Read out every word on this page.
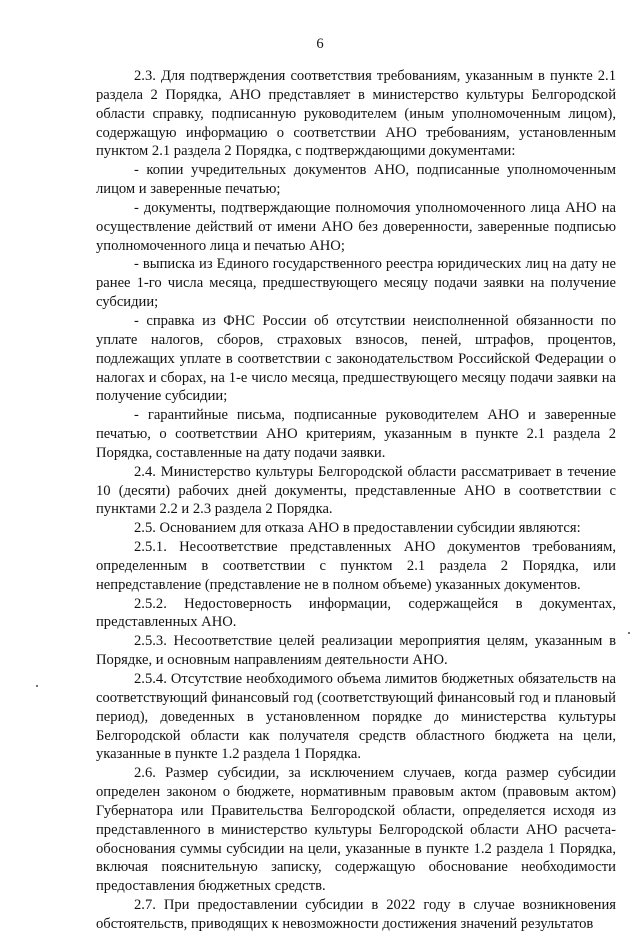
6

2.3. Для подтверждения соответствия требованиям, указанным в пункте 2.1 раздела 2 Порядка, АНО представляет в министерство культуры Белгородской области справку, подписанную руководителем (иным уполномоченным лицом), содержащую информацию о соответствии АНО требованиям, установленным пунктом 2.1 раздела 2 Порядка, с подтверждающими документами:

- копии учредительных документов АНО, подписанные уполномоченным лицом и заверенные печатью;

- документы, подтверждающие полномочия уполномоченного лица АНО на осуществление действий от имени АНО без доверенности, заверенные подписью уполномоченного лица и печатью АНО;

- выписка из Единого государственного реестра юридических лиц на дату не ранее 1-го числа месяца, предшествующего месяцу подачи заявки на получение субсидии;

- справка из ФНС России об отсутствии неисполненной обязанности по уплате налогов, сборов, страховых взносов, пеней, штрафов, процентов, подлежащих уплате в соответствии с законодательством Российской Федерации о налогах и сборах, на 1-е число месяца, предшествующего месяцу подачи заявки на получение субсидии;

- гарантийные письма, подписанные руководителем АНО и заверенные печатью, о соответствии АНО критериям, указанным в пункте 2.1 раздела 2 Порядка, составленные на дату подачи заявки.

2.4. Министерство культуры Белгородской области рассматривает в течение 10 (десяти) рабочих дней документы, представленные АНО в соответствии с пунктами 2.2 и 2.3 раздела 2 Порядка.

2.5. Основанием для отказа АНО в предоставлении субсидии являются:

2.5.1. Несоответствие представленных АНО документов требованиям, определенным в соответствии с пунктом 2.1 раздела 2 Порядка, или непредставление (представление не в полном объеме) указанных документов.

2.5.2. Недостоверность информации, содержащейся в документах, представленных АНО.

2.5.3. Несоответствие целей реализации мероприятия целям, указанным в Порядке, и основным направлениям деятельности АНО.

2.5.4. Отсутствие необходимого объема лимитов бюджетных обязательств на соответствующий финансовый год (соответствующий финансовый год и плановый период), доведенных в установленном порядке до министерства культуры Белгородской области как получателя средств областного бюджета на цели, указанные в пункте 1.2 раздела 1 Порядка.

2.6. Размер субсидии, за исключением случаев, когда размер субсидии определен законом о бюджете, нормативным правовым актом (правовым актом) Губернатора или Правительства Белгородской области, определяется исходя из представленного в министерство культуры Белгородской области АНО расчета-обоснования суммы субсидии на цели, указанные в пункте 1.2 раздела 1 Порядка, включая пояснительную записку, содержащую обоснование необходимости предоставления бюджетных средств.

2.7. При предоставлении субсидии в 2022 году в случае возникновения обстоятельств, приводящих к невозможности достижения значений результатов
